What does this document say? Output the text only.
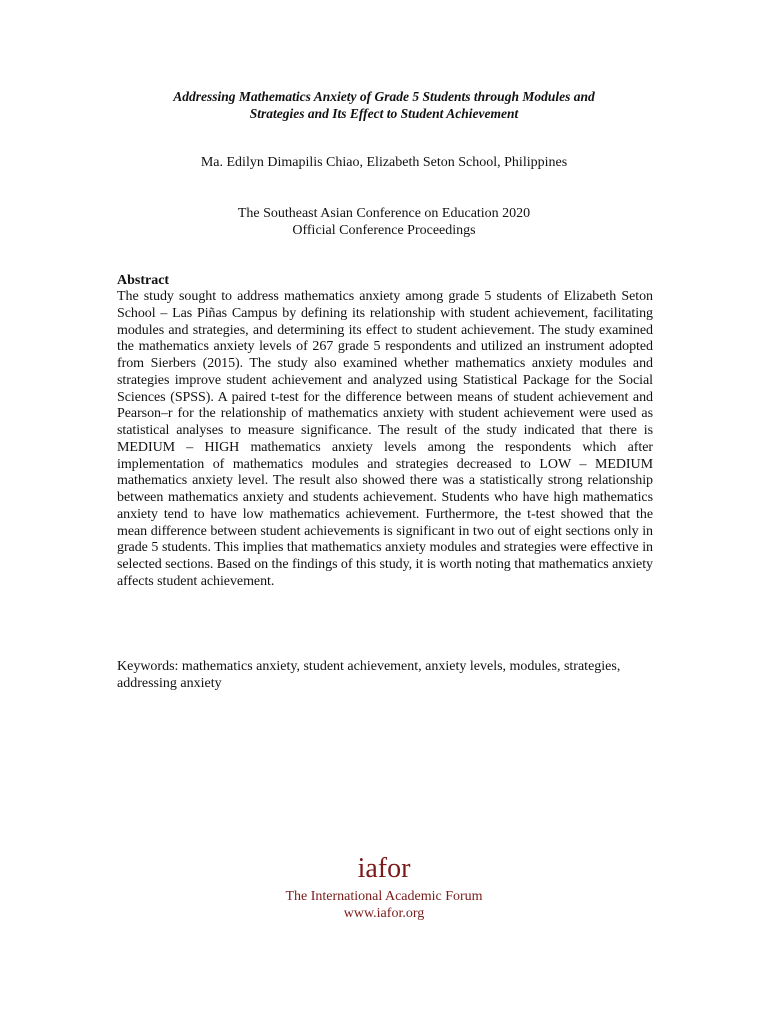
Addressing Mathematics Anxiety of Grade 5 Students through Modules and
Strategies and Its Effect to Student Achievement

Ma. Edilyn Dimapilis Chiao, Elizabeth Seton School, Philippines

The Southeast Asian Conference on Education 2020
Official Conference Proceedings
Abstract

The study sought to address mathematics anxiety among grade 5 students of Elizabeth Seton School – Las Piñas Campus by defining its relationship with student achievement, facilitating modules and strategies, and determining its effect to student achievement. The study examined the mathematics anxiety levels of 267 grade 5 respondents and utilized an instrument adopted from Sierbers (2015). The study also examined whether mathematics anxiety modules and strategies improve student achievement and analyzed using Statistical Package for the Social Sciences (SPSS). A paired t-test for the difference between means of student achievement and Pearson–r for the relationship of mathematics anxiety with student achievement were used as statistical analyses to measure significance. The result of the study indicated that there is MEDIUM – HIGH mathematics anxiety levels among the respondents which after implementation of mathematics modules and strategies decreased to LOW – MEDIUM mathematics anxiety level. The result also showed there was a statistically strong relationship between mathematics anxiety and students achievement. Students who have high mathematics anxiety tend to have low mathematics achievement. Furthermore, the t-test showed that the mean difference between student achievements is significant in two out of eight sections only in grade 5 students. This implies that mathematics anxiety modules and strategies were effective in selected sections. Based on the findings of this study, it is worth noting that mathematics anxiety affects student achievement.

Keywords: mathematics anxiety, student achievement, anxiety levels, modules, strategies, addressing anxiety

iafor
The International Academic Forum
www.iafor.org
